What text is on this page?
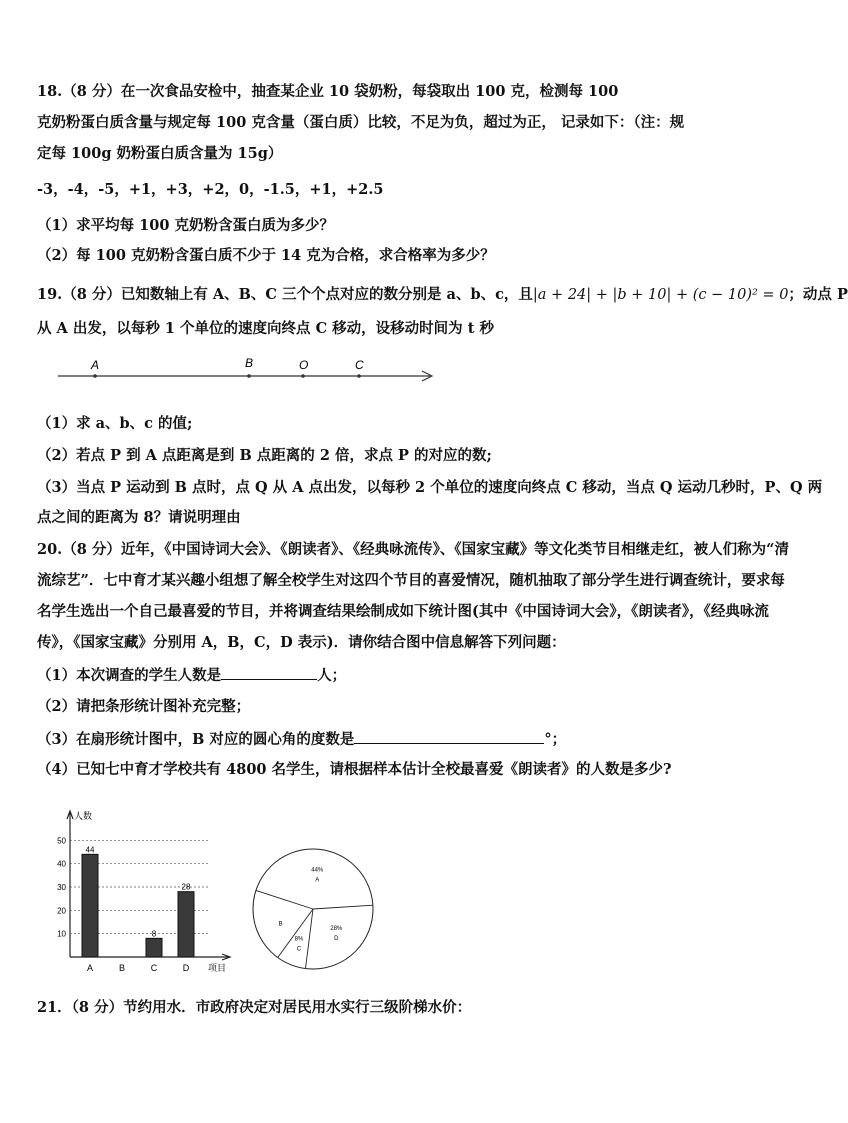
18.（8 分）在一次食品安检中，抽查某企业 10 袋奶粉，每袋取出 100 克，检测每 100
克奶粉蛋白质含量与规定每 100 克含量（蛋白质）比较，不足为负，超过为正， 记录如下：（注：规
定每 100g 奶粉蛋白质含量为 15g）
-3，-4，-5，+1，+3，+2，0，-1.5，+1，+2.5
（1）求平均每 100 克奶粉含蛋白质为多少？
（2）每 100 克奶粉含蛋白质不少于 14 克为合格，求合格率为多少？
19.（8 分）已知数轴上有 A、B、C 三个个点对应的数分别是 a、b、c，且|a + 24| + |b + 10| + (c − 10)² = 0；动点 P
从 A 出发，以每秒 1 个单位的速度向终点 C 移动，设移动时间为 t 秒
A	B	O	C
（1）求 a、b、c 的值;
（2）若点 P 到 A 点距离是到 B 点距离的 2 倍，求点 P 的对应的数;
（3）当点 P 运动到 B 点时，点 Q 从 A 点出发，以每秒 2 个单位的速度向终点 C 移动，当点 Q 运动几秒时，P、Q 两
点之间的距离为 8？请说明理由
20.（8 分）近年，《中国诗词大会》、《朗读者》、《经典咏流传》、《国家宝藏》等文化类节目相继走红，被人们称为“清
流综艺”．七中育才某兴趣小组想了解全校学生对这四个节目的喜爱情况，随机抽取了部分学生进行调查统计，要求每
名学生选出一个自己最喜爱的节目，并将调查结果绘制成如下统计图(其中《中国诗词大会》，《朗读者》，《经典咏流
传》，《国家宝藏》分别用 A，B，C，D 表示)．请你结合图中信息解答下列问题：
（1）本次调查的学生人数是	人；
（2）请把条形统计图补充完整；
（3）在扇形统计图中，B 对应的圆心角的度数是	°；
（4）已知七中育才学校共有 4800 名学生，请根据样本估计全校最喜爱《朗读者》的人数是多少?
人数
项目
10
20
30
40
50
44
A	B
8
C
28
D
44%
A
28%
D
8%
C
B
21．（8 分）节约用水．市政府决定对居民用水实行三级阶梯水价：
